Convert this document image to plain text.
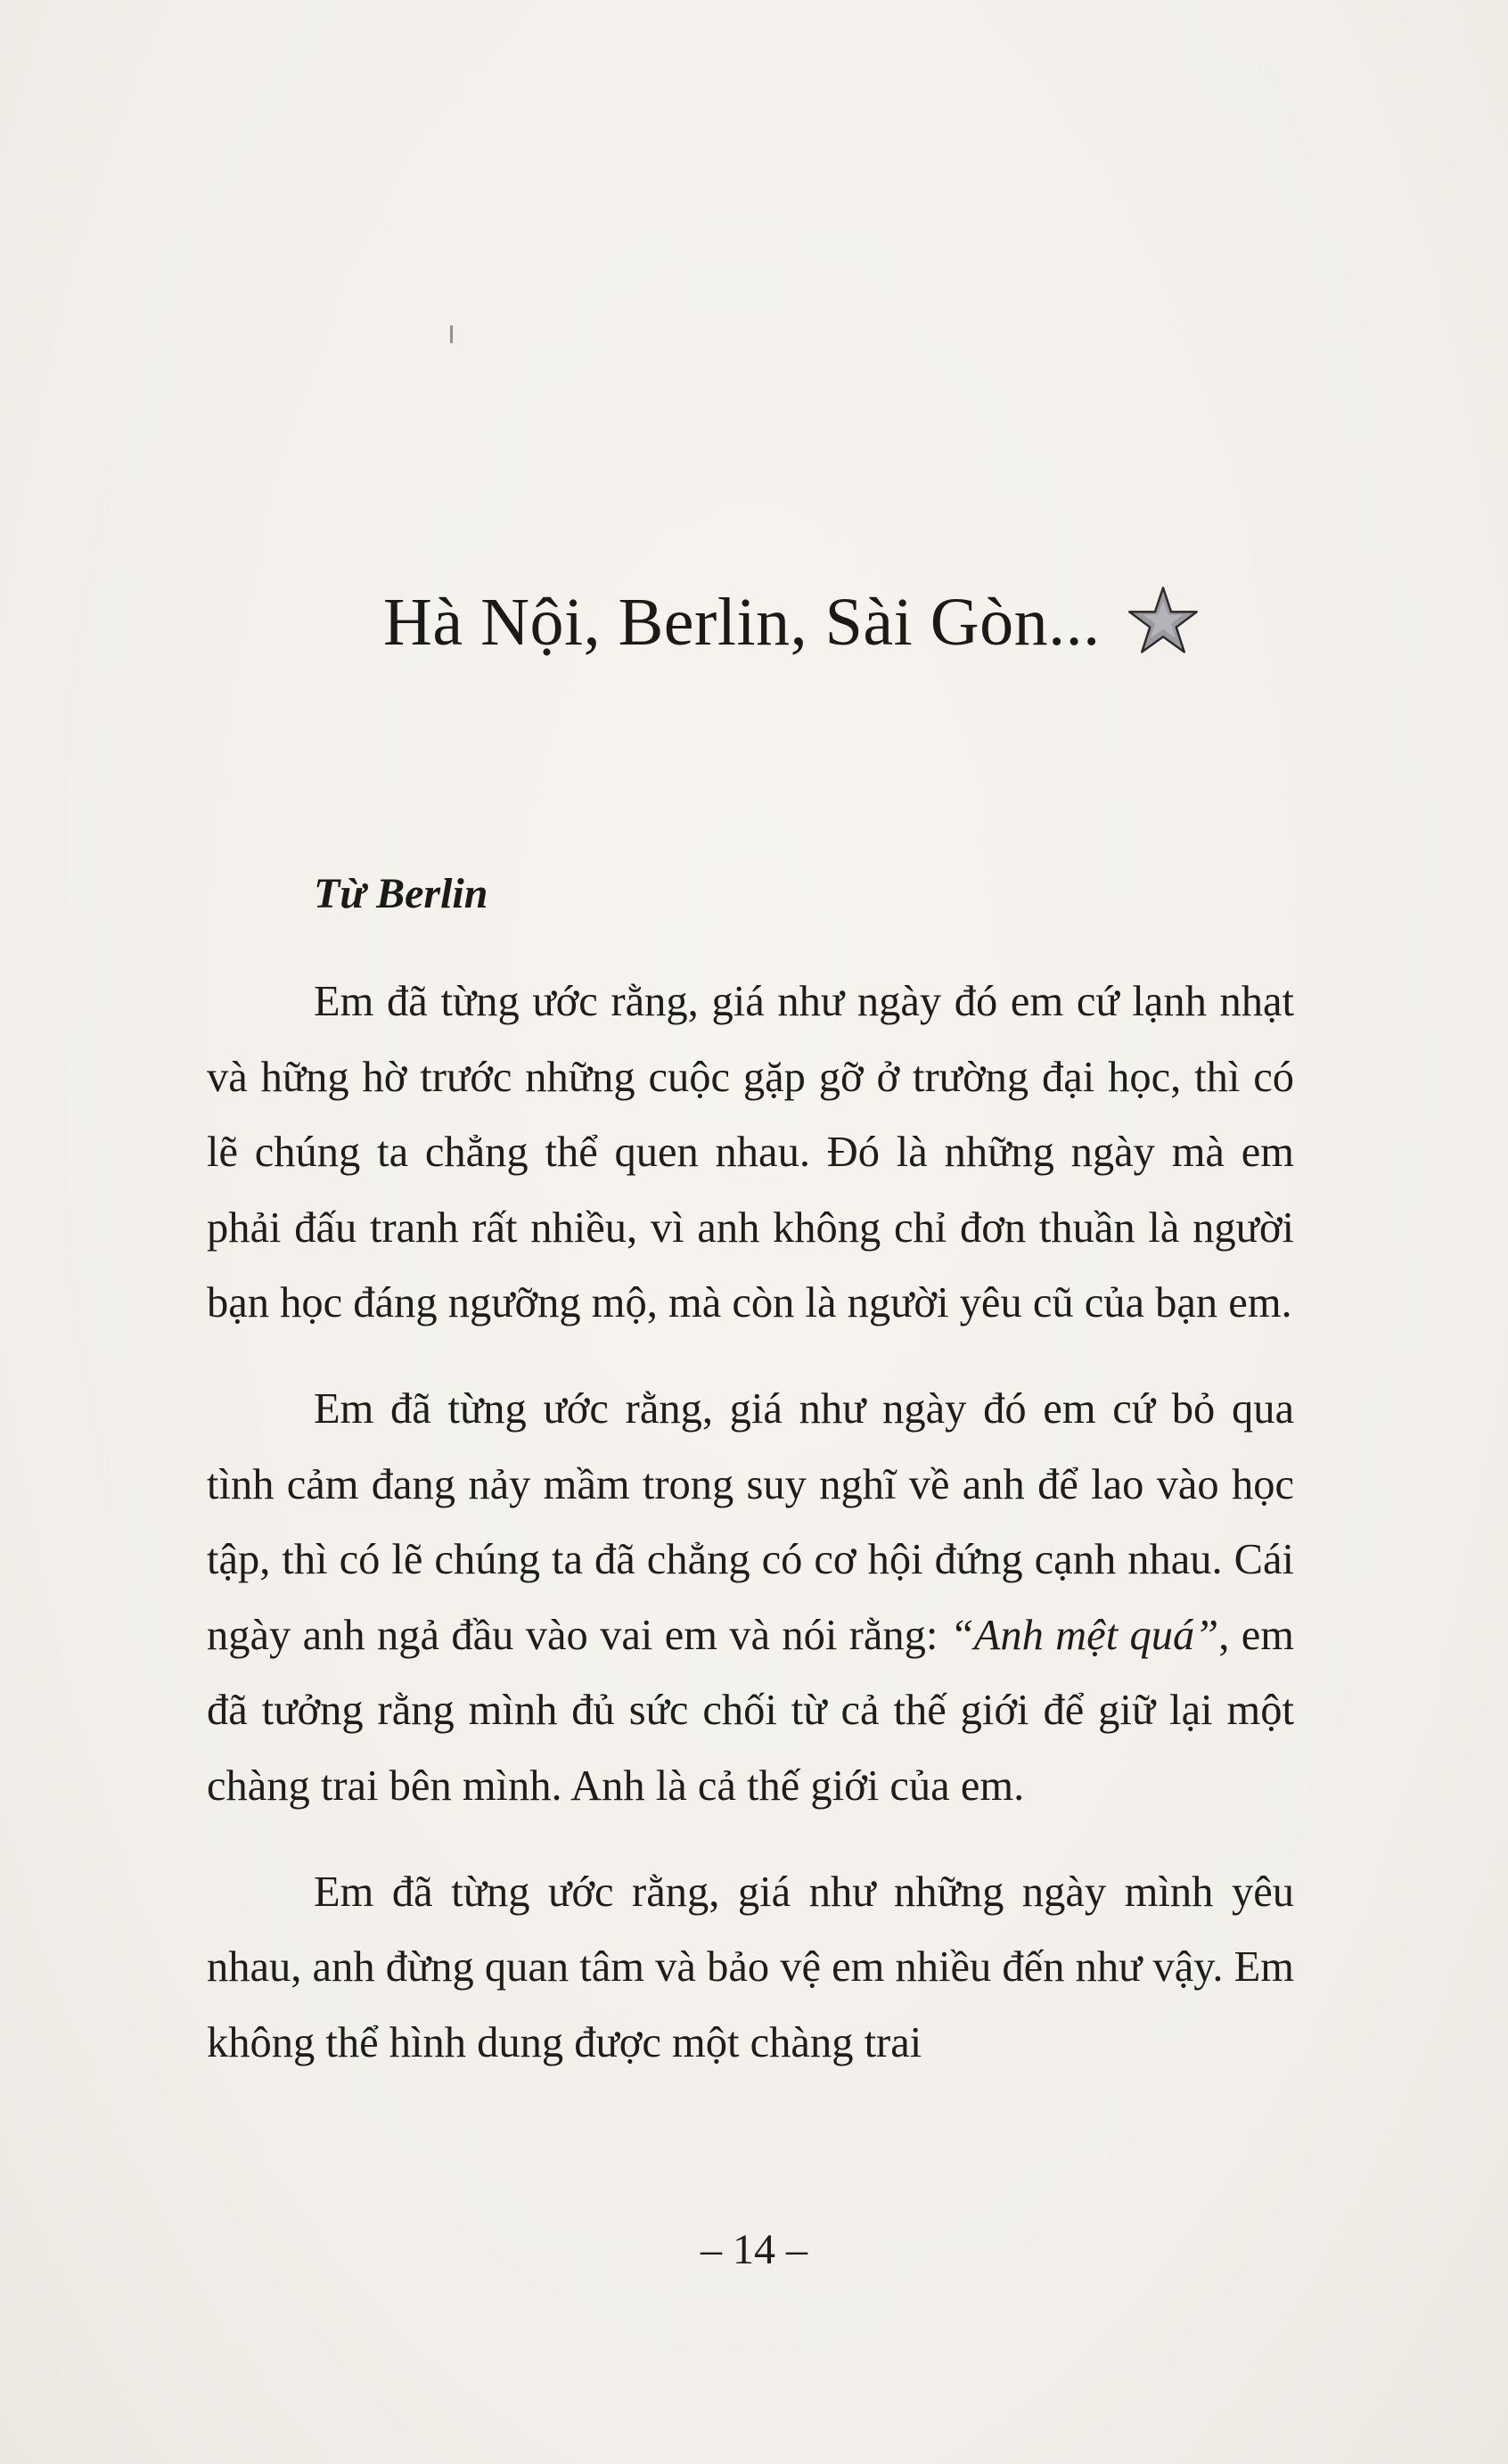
Hà Nội, Berlin, Sài Gòn...
Từ Berlin

Em đã từng ước rằng, giá như ngày đó em cứ lạnh nhạt và hững hờ trước những cuộc gặp gỡ ở trường đại học, thì có lẽ chúng ta chẳng thể quen nhau. Đó là những ngày mà em phải đấu tranh rất nhiều, vì anh không chỉ đơn thuần là người bạn học đáng ngưỡng mộ, mà còn là người yêu cũ của bạn em.

Em đã từng ước rằng, giá như ngày đó em cứ bỏ qua tình cảm đang nảy mầm trong suy nghĩ về anh để lao vào học tập, thì có lẽ chúng ta đã chẳng có cơ hội đứng cạnh nhau. Cái ngày anh ngả đầu vào vai em và nói rằng: “Anh mệt quá”, em đã tưởng rằng mình đủ sức chối từ cả thế giới để giữ lại một chàng trai bên mình. Anh là cả thế giới của em.

Em đã từng ước rằng, giá như những ngày mình yêu nhau, anh đừng quan tâm và bảo vệ em nhiều đến như vậy. Em không thể hình dung được một chàng trai

– 14 –
